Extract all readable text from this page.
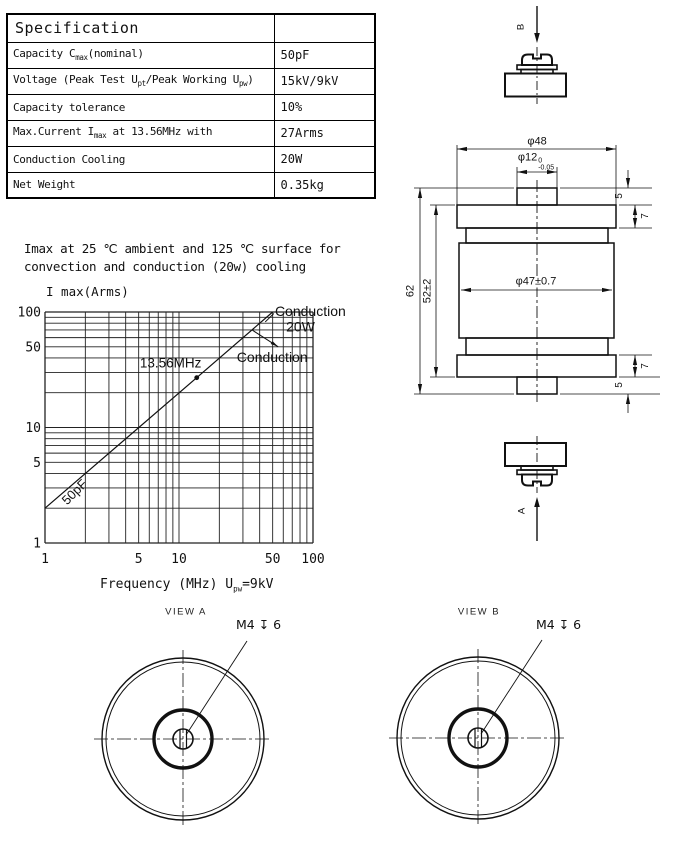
Specification	
Capacity $C_{max}(nominal)$	50pF
Voltage (Peak Test $U_{pt}$/Peak Working $U_{pw}$)	15kV/9kV
Capacity tolerance	10%
Max.Current $I_{max}$ at 13.56MHz with	27Arms
Conduction Cooling	20W
Net Weight	0.35kg
Imax at 25 ℃ ambient and 125 ℃ surface for
convection and conduction (20w) cooling
I max(Arms)
1	5 10	50 100
1
5
10
50
100
13.56MHz
Conduction
20W
Conduction
50pF
Frequency (MHz) $U_{pw}=9kV$
φ48
φ12 0
-0.05
φ47±0.7
62 52±2
5
7
7
5
B
A
VIEW A	VIEW B
M4 ↧ 6	M4 ↧ 6
